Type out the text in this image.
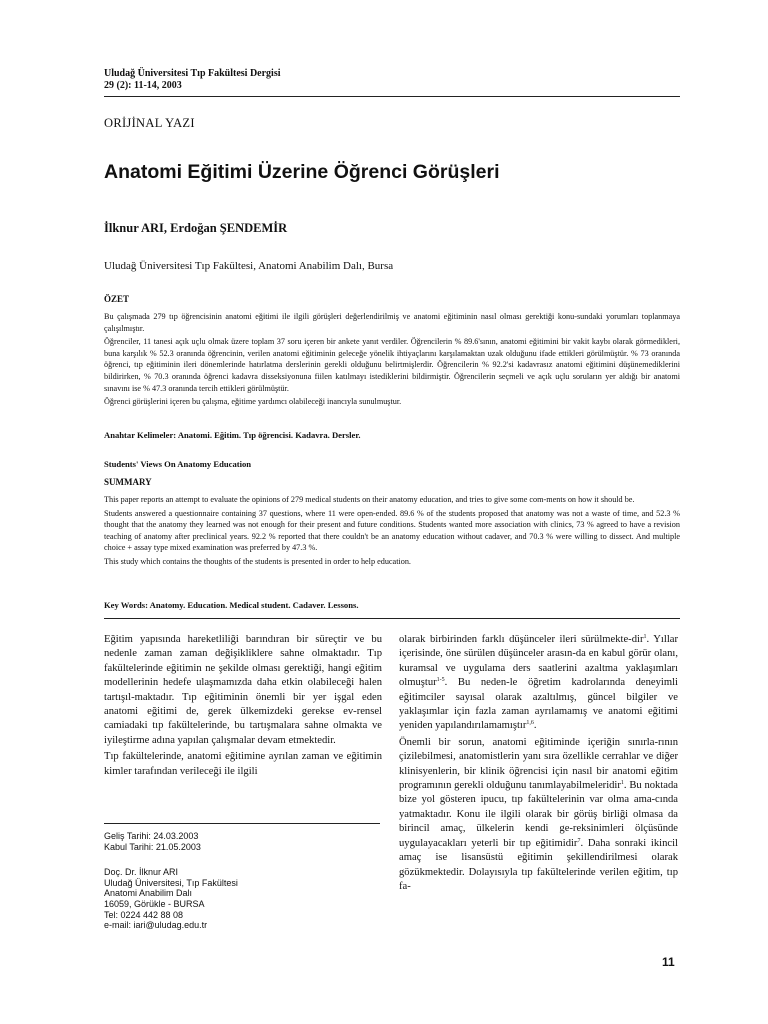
Uludağ Üniversitesi Tıp Fakültesi Dergisi
29 (2): 11-14, 2003
ORİJİNAL YAZI
Anatomi Eğitimi Üzerine Öğrenci Görüşleri
İlknur ARI, Erdoğan ŞENDEMİR
Uludağ Üniversitesi Tıp Fakültesi, Anatomi Anabilim Dalı, Bursa
ÖZET

Bu çalışmada 279 tıp öğrencisinin anatomi eğitimi ile ilgili görüşleri değerlendirilmiş ve anatomi eğitiminin nasıl olması gerektiği konu-sundaki yorumları toplanmaya çalışılmıştır.

Öğrenciler, 11 tanesi açık uçlu olmak üzere toplam 37 soru içeren bir ankete yanıt verdiler. Öğrencilerin % 89.6'sının, anatomi eğitimini bir vakit kaybı olarak görmedikleri, buna karşılık % 52.3 oranında öğrencinin, verilen anatomi eğitiminin geleceğe yönelik ihtiyaçlarını karşılamaktan uzak olduğunu ifade ettikleri görülmüştür. % 73 oranında öğrenci, tıp eğitiminin ileri dönemlerinde hatırlatma derslerinin gerekli olduğunu belirtmişlerdir. Öğrencilerin % 92.2'si kadavrasız anatomi eğitimini düşünemediklerini bildirirken, % 70.3 oranında öğrenci kadavra disseksiyonuna fiilen katılmayı istediklerini bildirmiştir. Öğrencilerin seçmeli ve açık uçlu soruların yer aldığı bir anatomi sınavını ise % 47.3 oranında tercih ettikleri görülmüştür.

Öğrenci görüşlerini içeren bu çalışma, eğitime yardımcı olabileceği inancıyla sunulmuştur.

Anahtar Kelimeler: Anatomi. Eğitim. Tıp öğrencisi. Kadavra. Dersler.
Students' Views On Anatomy Education
SUMMARY

This paper reports an attempt to evaluate the opinions of 279 medical students on their anatomy education, and tries to give some com-ments on how it should be.

Students answered a questionnaire containing 37 questions, where 11 were open-ended. 89.6 % of the students proposed that anatomy was not a waste of time, and 52.3 % thought that the anatomy they learned was not enough for their present and future conditions. Students wanted more association with clinics, 73 % agreed to have a revision teaching of anatomy after preclinical years. 92.2 % reported that there couldn't be an anatomy education without cadaver, and 70.3 % were willing to dissect. And multiple choice + assay type mixed examination was preferred by 47.3 %.

This study which contains the thoughts of the students is presented in order to help education.

Key Words: Anatomy. Education. Medical student. Cadaver. Lessons.

Eğitim yapısında hareketliliği barındıran bir süreçtir ve bu nedenle zaman zaman değişikliklere sahne olmaktadır. Tıp fakültelerinde eğitimin ne şekilde olması gerektiği, hangi eğitim modellerinin hedefe ulaşmamızda daha etkin olabileceği halen tartışıl-maktadır. Tıp eğitiminin önemli bir yer işgal eden anatomi eğitimi de, gerek ülkemizdeki gerekse ev-rensel camiadaki tıp fakültelerinde, bu tartışmalara sahne olmakta ve iyileştirme adına yapılan çalışmalar devam etmektedir.

Tıp fakültelerinde, anatomi eğitimine ayrılan zaman ve eğitimin kimler tarafından verileceği ile ilgili

olarak birbirinden farklı düşünceler ileri sürülmekte-dir$^1$. Yıllar içerisinde, öne sürülen düşünceler arasın-da en kabul görür olanı, kuramsal ve uygulama ders saatlerini azaltma yaklaşımları olmuştur$^{1-5}$. Bu neden-le öğretim kadrolarında deneyimli eğitimciler sayısal olarak azaltılmış, güncel bilgiler ve yaklaşımlar için fazla zaman ayrılamamış ve anatomi eğitimi yeniden yapılandırılamamıştır$^{1,6}$.

Önemli bir sorun, anatomi eğitiminde içeriğin sınırla-rının çizilebilmesi, anatomistlerin yanı sıra özellikle cerrahlar ve diğer klinisyenlerin, bir klinik öğrencisi için nasıl bir anatomi eğitim programının gerekli olduğunu tanımlayabilmeleridir$^1$. Bu noktada bize yol gösteren ipucu, tıp fakültelerinin var olma ama-cında yatmaktadır. Konu ile ilgili olarak bir görüş birliği olmasa da birincil amaç, ülkelerin kendi ge-reksinimleri ölçüsünde uygulayacakları yeterli bir tıp eğitimidir$^7$. Daha sonraki ikincil amaç ise lisansüstü eğitimin şekillendirilmesi olarak gözükmektedir. Dolayısıyla tıp fakültelerinde verilen eğitim, tıp fa-

Geliş Tarihi: 24.03.2003
Kabul Tarihi: 21.05.2003
Doç. Dr. İlknur ARI
Uludağ Üniversitesi, Tıp Fakültesi
Anatomi Anabilim Dalı
16059, Görükle - BURSA
Tel: 0224 442 88 08
e-mail: iari@uludag.edu.tr
11
